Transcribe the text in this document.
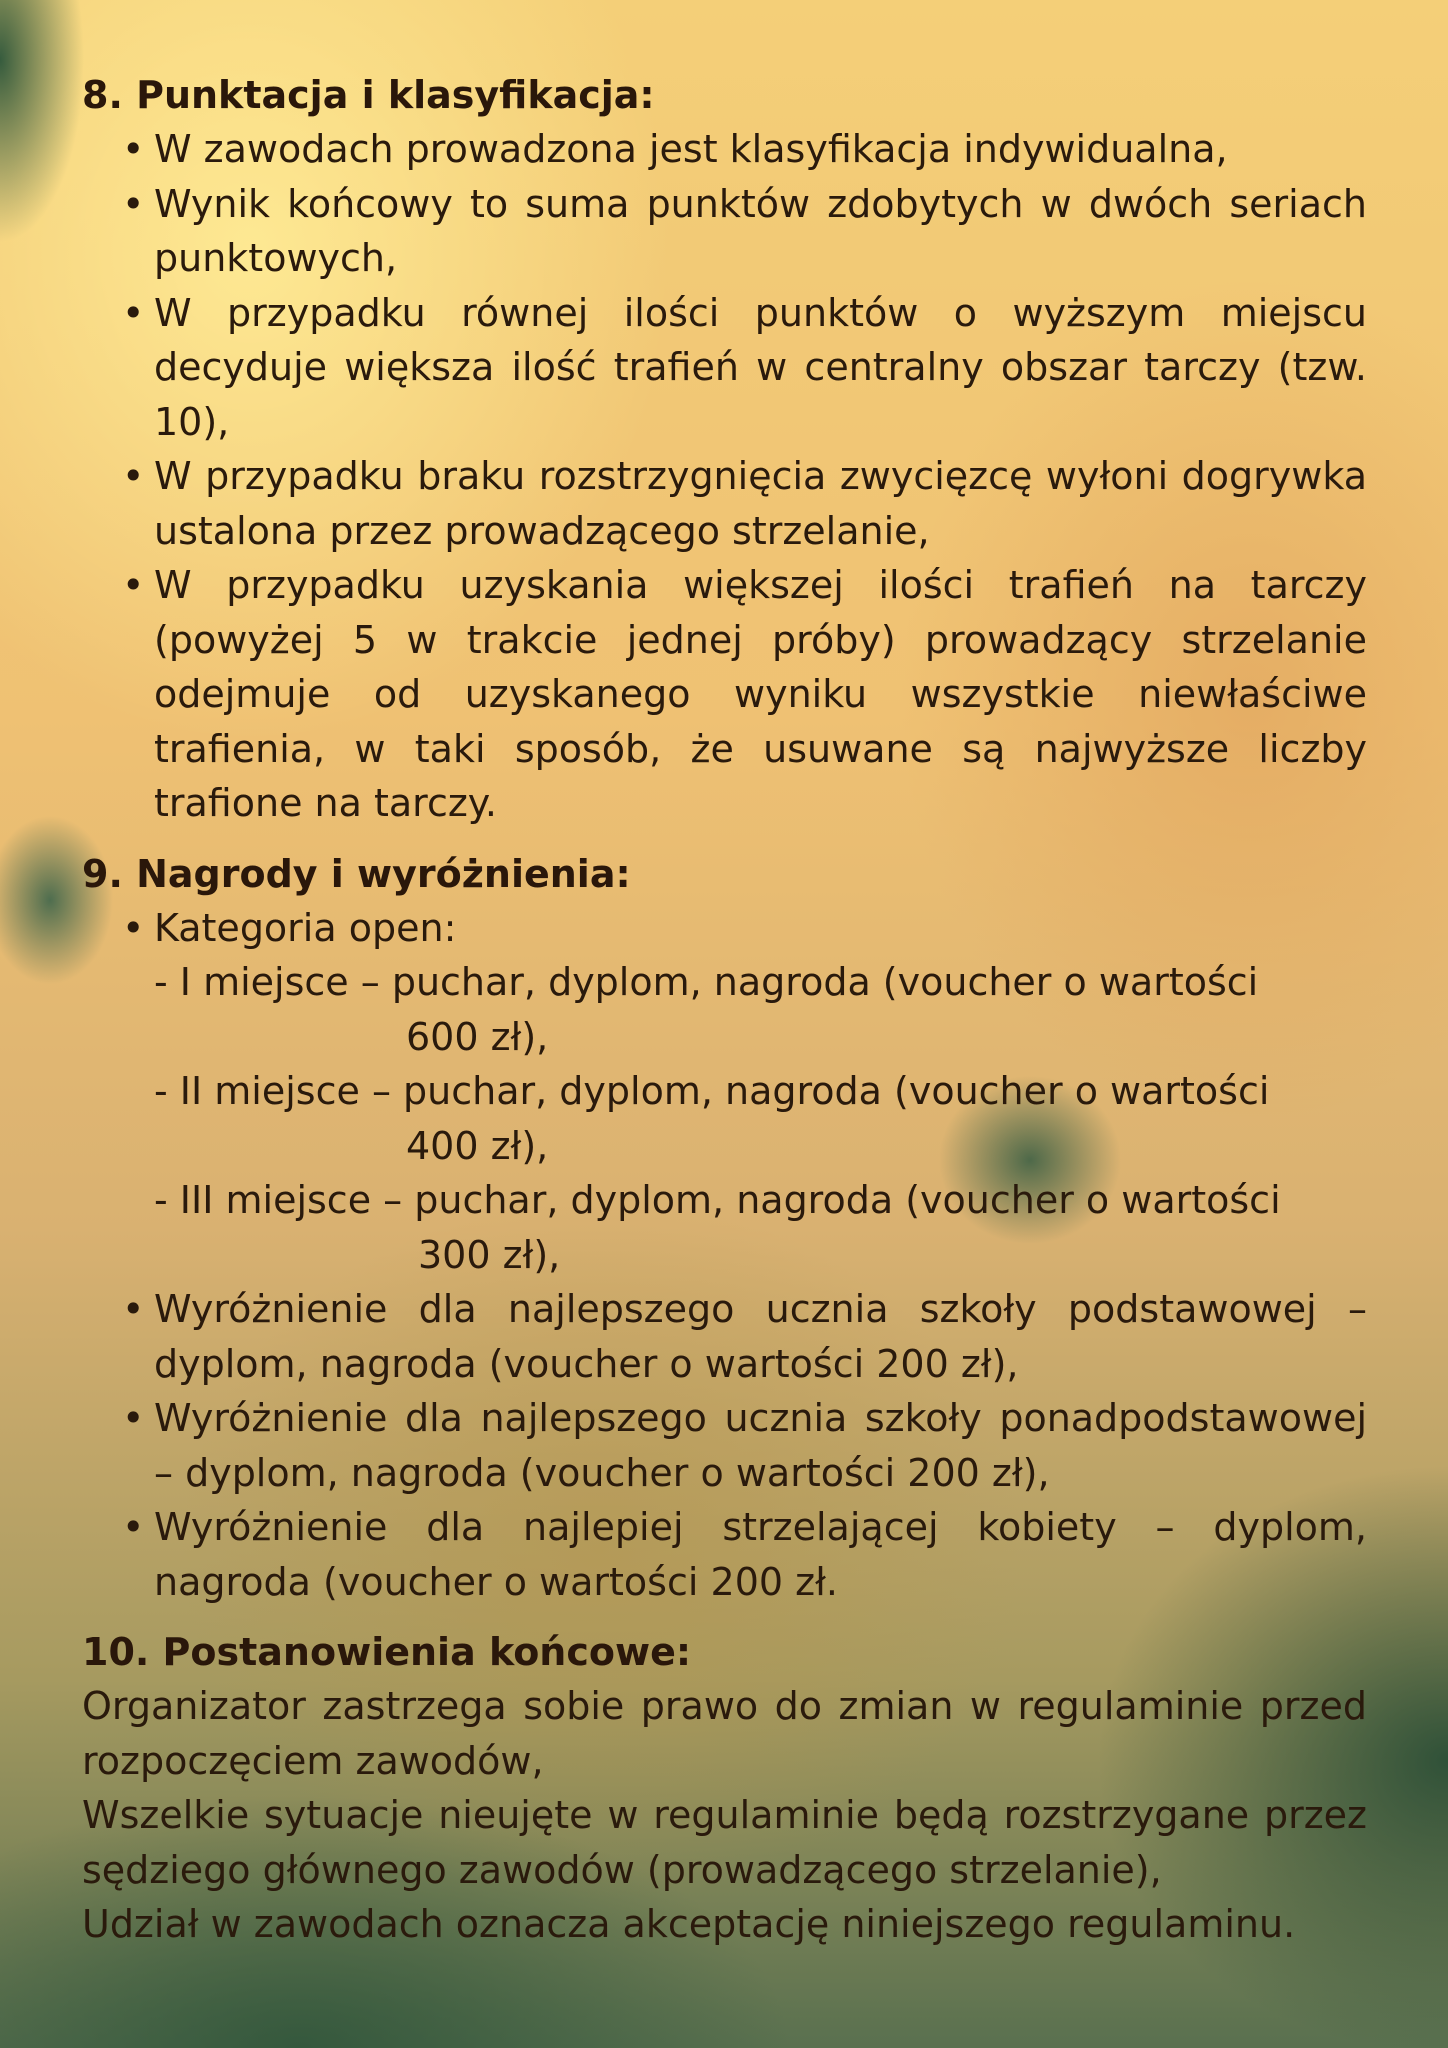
8. Punktacja i klasyfikacja:
• W zawodach prowadzona jest klasyfikacja indywidualna,
• Wynik końcowy to suma punktów zdobytych w dwóch seriach punktowych,
• W przypadku równej ilości punktów o wyższym miejscu decyduje większa ilość trafień w centralny obszar tarczy (tzw. 10),
• W przypadku braku rozstrzygnięcia zwycięzcę wyłoni dogrywka ustalona przez prowadzącego strzelanie,
• W przypadku uzyskania większej ilości trafień na tarczy (powyżej 5 w trakcie jednej próby) prowadzący strzelanie odejmuje od uzyskanego wyniku wszystkie niewłaściwe trafienia, w taki sposób, że usuwane są najwyższe liczby trafione na tarczy.
9. Nagrody i wyróżnienia:
• Kategoria open:
- I miejsce – puchar, dyplom, nagroda (voucher o wartości
600 zł),
- II miejsce – puchar, dyplom, nagroda (voucher o wartości
400 zł),
- III miejsce – puchar, dyplom, nagroda (voucher o wartości
300 zł),
• Wyróżnienie dla najlepszego ucznia szkoły podstawowej – dyplom, nagroda (voucher o wartości 200 zł),
• Wyróżnienie dla najlepszego ucznia szkoły ponadpodstawowej – dyplom, nagroda (voucher o wartości 200 zł),
• Wyróżnienie dla najlepiej strzelającej kobiety – dyplom, nagroda (voucher o wartości 200 zł.
10. Postanowienia końcowe:

Organizator zastrzega sobie prawo do zmian w regulaminie przed rozpoczęciem zawodów,

Wszelkie sytuacje nieujęte w regulaminie będą rozstrzygane przez sędziego głównego zawodów (prowadzącego strzelanie),

Udział w zawodach oznacza akceptację niniejszego regulaminu.
